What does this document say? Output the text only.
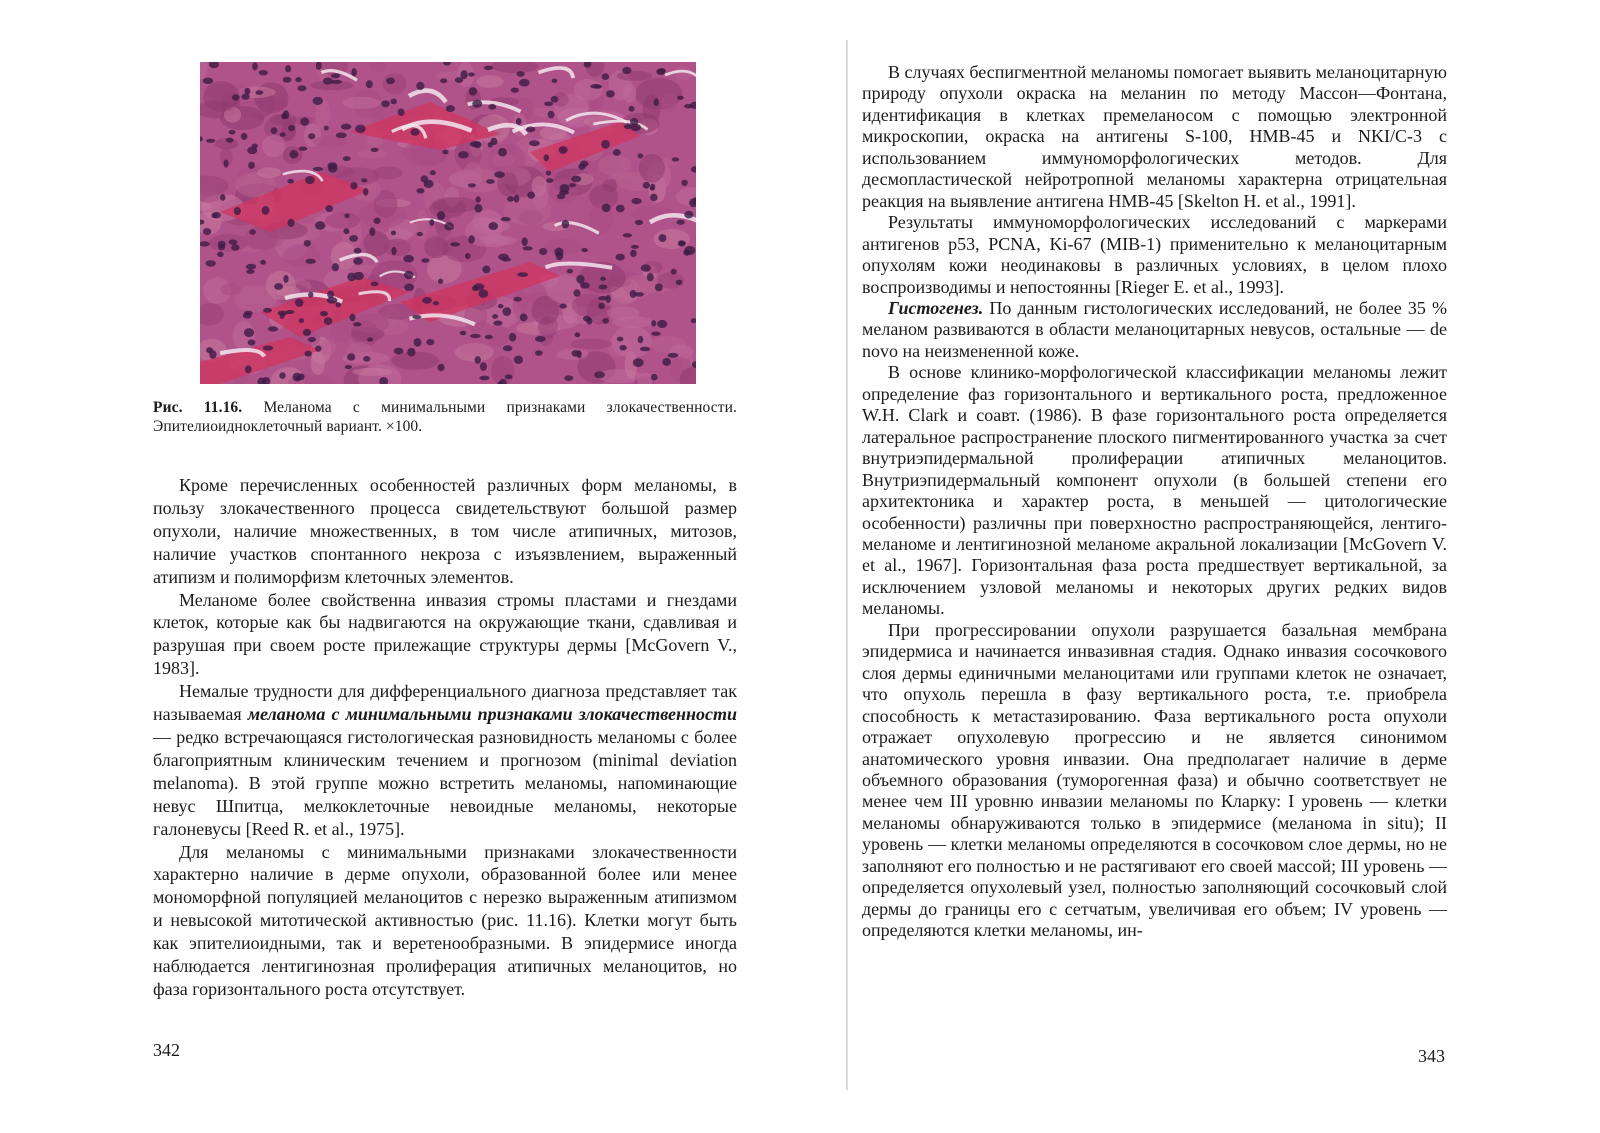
Рис. 11.16. Меланома с минимальными признаками злокачественности. Эпителиоидноклеточный вариант. ×100.

Кроме перечисленных особенностей различных форм меланомы, в пользу злокачественного процесса свидетельствуют большой размер опухоли, наличие множественных, в том числе атипичных, митозов, наличие участков спонтанного некроза с изъязвлением, выраженный атипизм и полиморфизм клеточных элементов.

Меланоме более свойственна инвазия стромы пластами и гнездами клеток, которые как бы надвигаются на окружающие ткани, сдавливая и разрушая при своем росте прилежащие структуры дермы [McGovern V., 1983].

Немалые трудности для дифференциального диагноза представляет так называемая меланома с минимальными признаками злокачественности — редко встречающаяся гистологическая разновидность меланомы с более благоприятным клиническим течением и прогнозом (minimal deviation melanoma). В этой группе можно встретить меланомы, напоминающие невус Шпитца, мелкоклеточные невоидные меланомы, некоторые галоневусы [Reed R. et al., 1975].

Для меланомы с минимальными признаками злокачественности характерно наличие в дерме опухоли, образованной более или менее мономорфной популяцией меланоцитов с нерезко выраженным атипизмом и невысокой митотической активностью (рис. 11.16). Клетки могут быть как эпителиоидными, так и веретенообразными. В эпидермисе иногда наблюдается лентигинозная пролиферация атипичных меланоцитов, но фаза горизонтального роста отсутствует.

342

В случаях беспигментной меланомы помогает выявить меланоцитарную природу опухоли окраска на меланин по методу Массон—Фонтана, идентификация в клетках премеланосом с помощью электронной микроскопии, окраска на антигены S-100, НМВ-45 и NKI/C-3 с использованием иммуноморфологических методов. Для десмопластической нейротропной меланомы характерна отрицательная реакция на выявление антигена НМВ-45 [Skelton H. et al., 1991].

Результаты иммуноморфологических исследований с маркерами антигенов р53, PCNA, Ki-67 (MIB-1) применительно к меланоцитарным опухолям кожи неодинаковы в различных условиях, в целом плохо воспроизводимы и непостоянны [Rieger E. et al., 1993].

Гистогенез. По данным гистологических исследований, не более 35 % меланом развиваются в области меланоцитарных невусов, остальные — de novo на неизмененной коже.

В основе клинико-морфологической классификации меланомы лежит определение фаз горизонтального и вертикального роста, предложенное W.H. Clark и соавт. (1986). В фазе горизонтального роста определяется латеральное распространение плоского пигментированного участка за счет внутриэпидермальной пролиферации атипичных меланоцитов. Внутриэпидермальный компонент опухоли (в большей степени его архитектоника и характер роста, в меньшей — цитологические особенности) различны при поверхностно распространяющейся, лентиго-меланоме и лентигинозной меланоме акральной локализации [McGovern V. et al., 1967]. Горизонтальная фаза роста предшествует вертикальной, за исключением узловой меланомы и некоторых других редких видов меланомы.

При прогрессировании опухоли разрушается базальная мембрана эпидермиса и начинается инвазивная стадия. Однако инвазия сосочкового слоя дермы единичными меланоцитами или группами клеток не означает, что опухоль перешла в фазу вертикального роста, т.е. приобрела способность к метастазированию. Фаза вертикального роста опухоли отражает опухолевую прогрессию и не является синонимом анатомического уровня инвазии. Она предполагает наличие в дерме объемного образования (туморогенная фаза) и обычно соответствует не менее чем III уровню инвазии меланомы по Кларку: I уровень — клетки меланомы обнаруживаются только в эпидермисе (меланома in situ); II уровень — клетки меланомы определяются в сосочковом слое дермы, но не заполняют его полностью и не растягивают его своей массой; III уровень — определяется опухолевый узел, полностью заполняющий сосочковый слой дермы до границы его с сетчатым, увеличивая его объем; IV уровень — определяются клетки меланомы, ин-

343
